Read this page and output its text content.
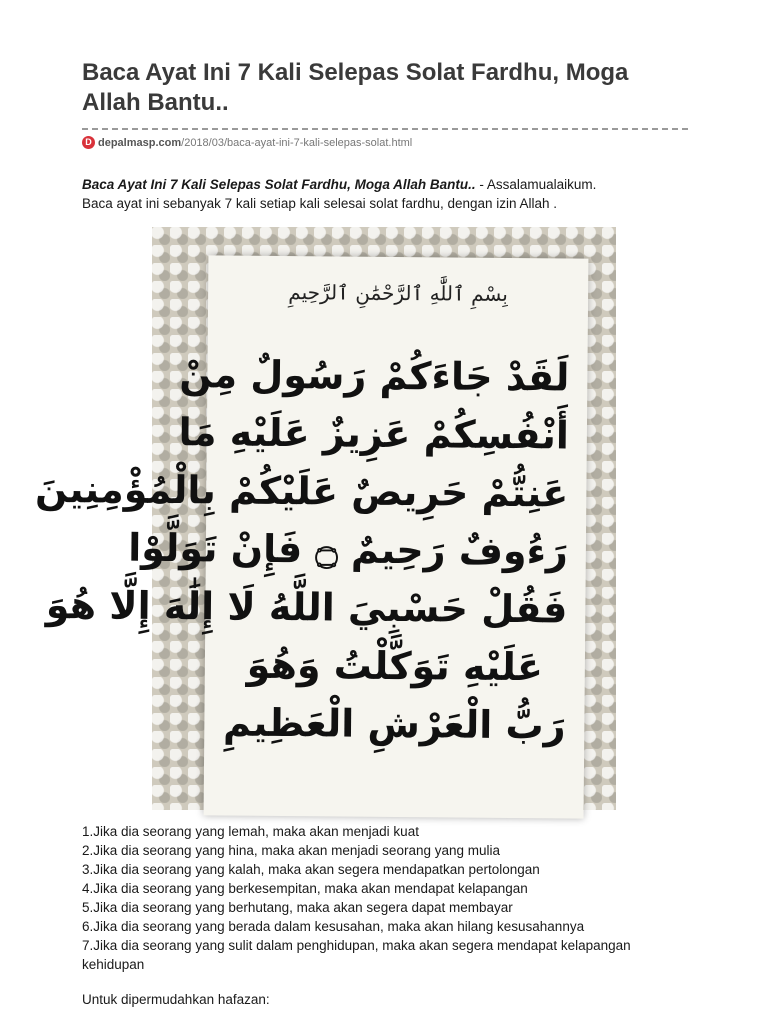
Baca Ayat Ini 7 Kali Selepas Solat Fardhu, Moga Allah Bantu..
D depalmasp.com /2018/03/baca-ayat-ini-7-kali-selepas-solat.html
Baca Ayat Ini 7 Kali Selepas Solat Fardhu, Moga Allah Bantu.. - Assalamualaikum.
Baca ayat ini sebanyak 7 kali setiap kali selesai solat fardhu, dengan izin Allah .
بِسْمِ ٱللَّٰهِ ٱلرَّحْمَٰنِ ٱلرَّحِيمِ
لَقَدْ جَاءَكُمْ رَسُولٌ مِنْ
أَنْفُسِكُمْ عَزِيزٌ عَلَيْهِ مَا
عَنِتُّمْ حَرِيصٌ عَلَيْكُمْ بِالْمُؤْمِنِينَ
رَءُوفٌ رَحِيمٌ ۝ فَإِنْ تَوَلَّوْا
فَقُلْ حَسْبِيَ اللَّهُ لَا إِلَٰهَ إِلَّا هُوَ
عَلَيْهِ تَوَكَّلْتُ وَهُوَ
رَبُّ الْعَرْشِ الْعَظِيمِ
1.Jika dia seorang yang lemah, maka akan menjadi kuat
2.Jika dia seorang yang hina, maka akan menjadi seorang yang mulia
3.Jika dia seorang yang kalah, maka akan segera mendapatkan pertolongan
4.Jika dia seorang yang berkesempitan, maka akan mendapat kelapangan
5.Jika dia seorang yang berhutang, maka akan segera dapat membayar
6.Jika dia seorang yang berada dalam kesusahan, maka akan hilang kesusahannya
7.Jika dia seorang yang sulit dalam penghidupan, maka akan segera mendapat kelapangan kehidupan
Untuk dipermudahkan hafazan:
